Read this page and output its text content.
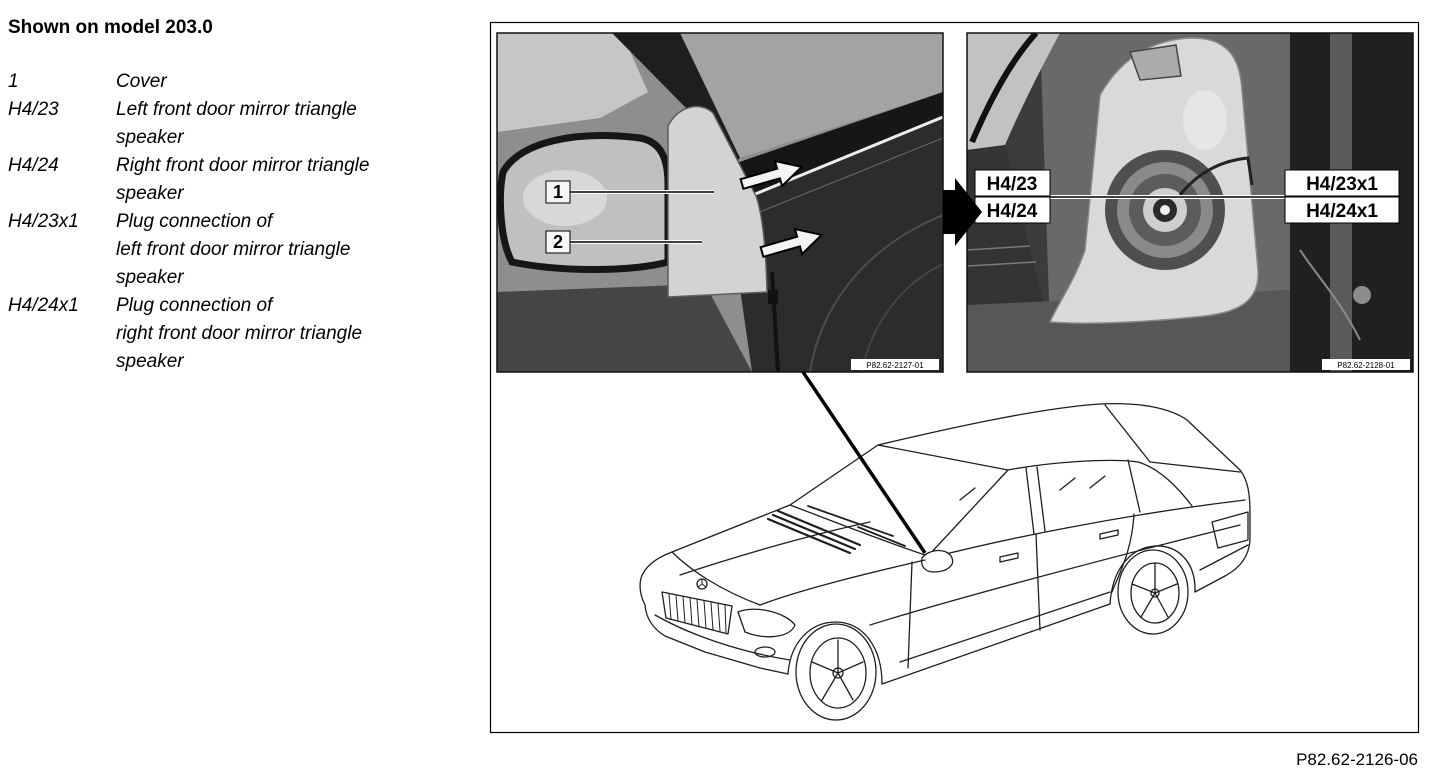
Shown on model 203.0
1	Cover
H4/23	Left front door mirror triangle
speaker
H4/24	Right front door mirror triangle
speaker
H4/23x1	Plug connection of
left front door mirror triangle
speaker
H4/24x1	Plug connection of
right front door mirror triangle
speaker
1
2
P82.62-2127-01
H4/23
H4/24
H4/23x1
H4/24x1
P82.62-2128-01
P82.62-2126-06
